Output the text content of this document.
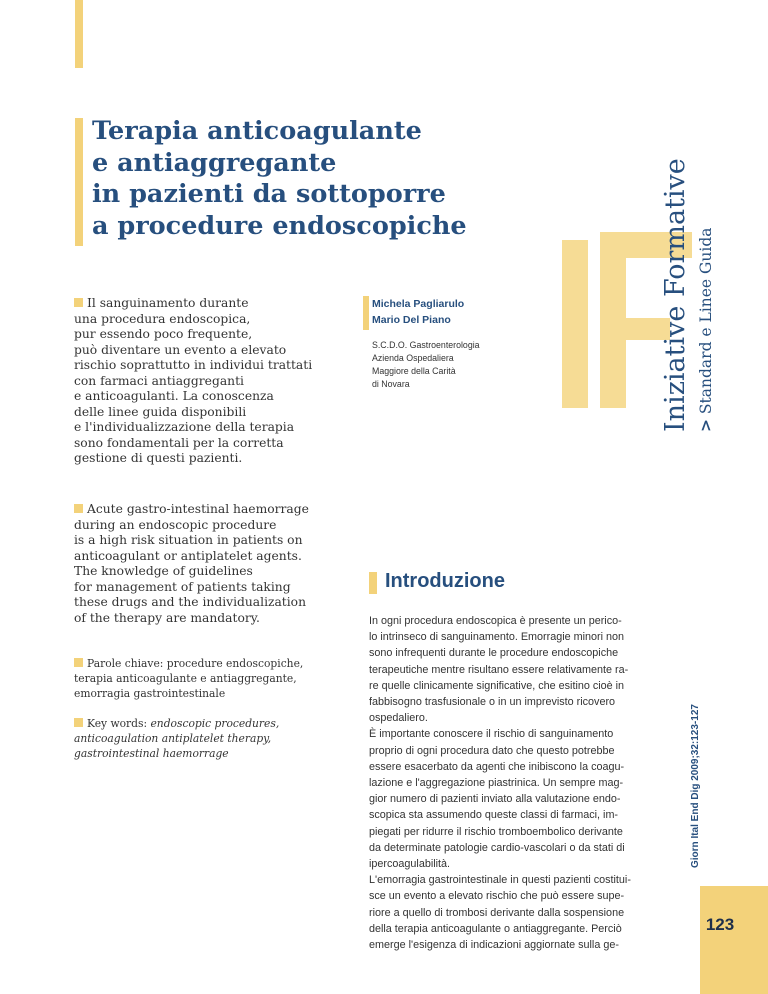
Terapia anticoagulante
e antiaggregante
in pazienti da sottoporre
a procedure endoscopiche	Iniziative Formative > Standard e Linee Guida
Giorn Ital End Dig 2009;32:123-127
123
Il sanguinamento durante
una procedura endoscopica,
pur essendo poco frequente,
può diventare un evento a elevato
rischio soprattutto in individui trattati
con farmaci antiaggreganti
e anticoagulanti. La conoscenza
delle linee guida disponibili
e l'individualizzazione della terapia
sono fondamentali per la corretta
gestione di questi pazienti.
Acute gastro-intestinal haemorrage
during an endoscopic procedure
is a high risk situation in patients on
anticoagulant or antiplatelet agents.
The knowledge of guidelines
for management of patients taking
these drugs and the individualization
of the therapy are mandatory.
Parole chiave: procedure endoscopiche,
terapia anticoagulante e antiaggregante,
emorragia gastrointestinale
Key words: endoscopic procedures,
anticoagulation antiplatelet therapy,
gastrointestinal haemorrage
Michela Pagliarulo
Mario Del Piano
S.C.D.O. Gastroenterologia
Azienda Ospedaliera
Maggiore della Carità
di Novara
Introduzione
In ogni procedura endoscopica è presente un perico-
lo intrinseco di sanguinamento. Emorragie minori non
sono infrequenti durante le procedure endoscopiche
terapeutiche mentre risultano essere relativamente ra-
re quelle clinicamente significative, che esitino cioè in
fabbisogno trasfusionale o in un imprevisto ricovero
ospedaliero.
È importante conoscere il rischio di sanguinamento
proprio di ogni procedura dato che questo potrebbe
essere esacerbato da agenti che inibiscono la coagu-
lazione e l'aggregazione piastrinica. Un sempre mag-
gior numero di pazienti inviato alla valutazione endo-
scopica sta assumendo queste classi di farmaci, im-
piegati per ridurre il rischio tromboembolico derivante
da determinate patologie cardio-vascolari o da stati di
ipercoagulabilità.
L'emorragia gastrointestinale in questi pazienti costitui-
sce un evento a elevato rischio che può essere supe-
riore a quello di trombosi derivante dalla sospensione
della terapia anticoagulante o antiaggregante. Perciò
emerge l'esigenza di indicazioni aggiornate sulla ge-
